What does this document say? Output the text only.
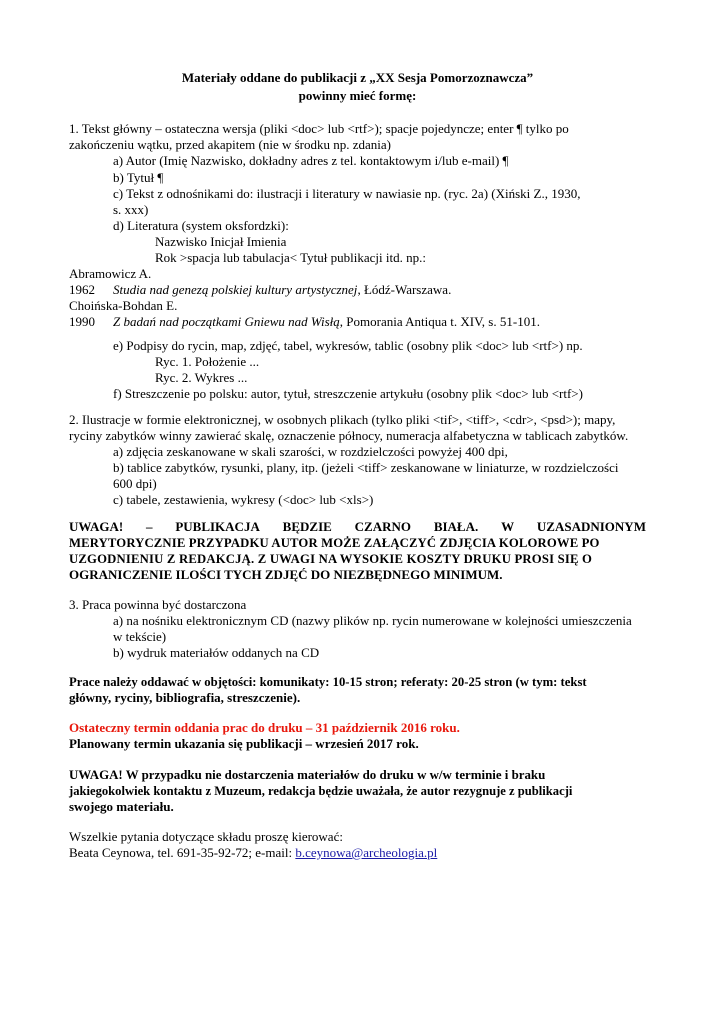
Materiały oddane do publikacji z „XX Sesja Pomorzoznawcza”
powinny mieć formę:
1. Tekst główny – ostateczna wersja (pliki <doc> lub <rtf>); spacje pojedyncze; enter ¶ tylko po
zakończeniu wątku, przed akapitem (nie w środku np. zdania)
a) Autor (Imię Nazwisko, dokładny adres z tel. kontaktowym i/lub e-mail) ¶
b) Tytuł ¶
c) Tekst z odnośnikami do: ilustracji i literatury w nawiasie np. (ryc. 2a) (Xiński Z., 1930,
s. xxx)
d) Literatura (system oksfordzki):
Nazwisko Inicjał Imienia
Rok >spacja lub tabulacja< Tytuł publikacji itd. np.:
Abramowicz A.
1962 Studia nad genezą polskiej kultury artystycznej, Łódź-Warszawa.
Choińska-Bohdan E.
1990 Z badań nad początkami Gniewu nad Wisłą, Pomorania Antiqua t. XIV, s. 51-101.
e) Podpisy do rycin, map, zdjęć, tabel, wykresów, tablic (osobny plik <doc> lub <rtf>) np.
Ryc. 1. Położenie ...
Ryc. 2. Wykres ...
f) Streszczenie po polsku: autor, tytuł, streszczenie artykułu (osobny plik <doc> lub <rtf>)
2. Ilustracje w formie elektronicznej, w osobnych plikach (tylko pliki <tif>, <tiff>, <cdr>, <psd>); mapy,
ryciny zabytków winny zawierać skalę, oznaczenie północy, numeracja alfabetyczna w tablicach zabytków.
a) zdjęcia zeskanowane w skali szarości, w rozdzielczości powyżej 400 dpi,
b) tablice zabytków, rysunki, plany, itp. (jeżeli <tiff> zeskanowane w liniaturze, w rozdzielczości
600 dpi)
c) tabele, zestawienia, wykresy (<doc> lub <xls>)
UWAGA! – PUBLIKACJA BĘDZIE CZARNO BIAŁA. W UZASADNIONYM
MERYTORYCZNIE PRZYPADKU AUTOR MOŻE ZAŁĄCZYĆ ZDJĘCIA KOLOROWE PO
UZGODNIENIU Z REDAKCJĄ. Z UWAGI NA WYSOKIE KOSZTY DRUKU PROSI SIĘ O
OGRANICZENIE ILOŚCI TYCH ZDJĘĆ DO NIEZBĘDNEGO MINIMUM.
3. Praca powinna być dostarczona
a) na nośniku elektronicznym CD (nazwy plików np. rycin numerowane w kolejności umieszczenia
w tekście)
b) wydruk materiałów oddanych na CD
Prace należy oddawać w objętości: komunikaty: 10-15 stron; referaty: 20-25 stron (w tym: tekst
główny, ryciny, bibliografia, streszczenie).
Ostateczny termin oddania prac do druku – 31 październik 2016 roku.
Planowany termin ukazania się publikacji – wrzesień 2017 rok.
UWAGA! W przypadku nie dostarczenia materiałów do druku w w/w terminie i braku
jakiegokolwiek kontaktu z Muzeum, redakcja będzie uważała, że autor rezygnuje z publikacji
swojego materiału.
Wszelkie pytania dotyczące składu proszę kierować:
Beata Ceynowa, tel. 691-35-92-72; e-mail: b.ceynowa@archeologia.pl
